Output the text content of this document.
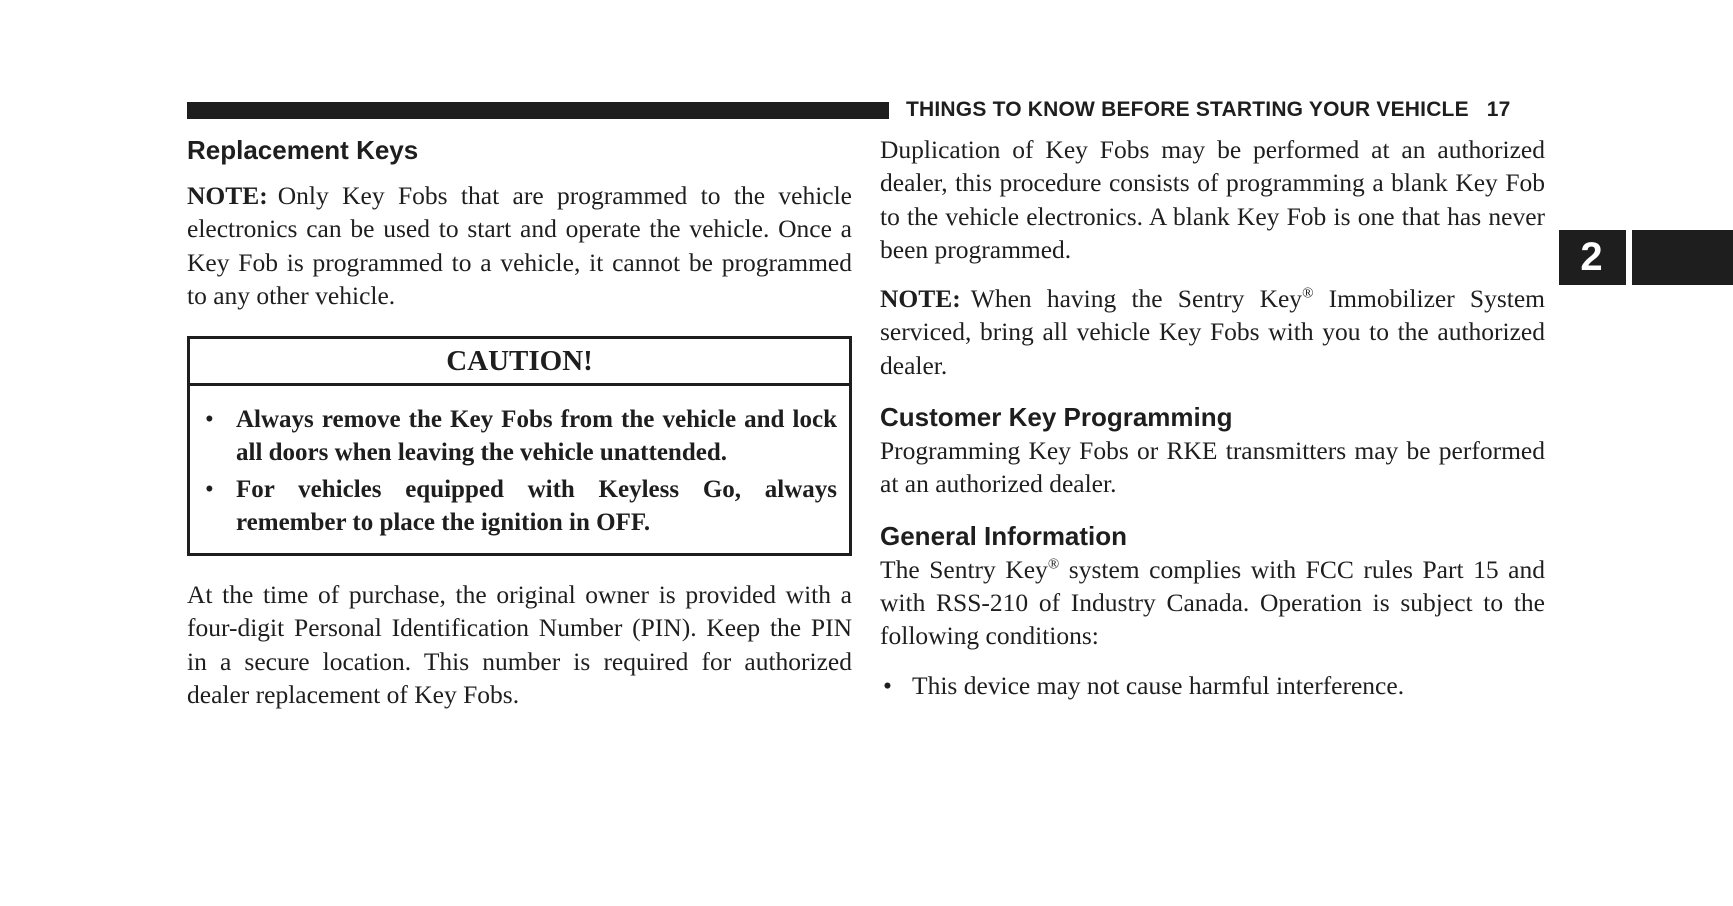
THINGS TO KNOW BEFORE STARTING YOUR VEHICLE 17
2
Replacement Keys

NOTE: Only Key Fobs that are programmed to the vehicle electronics can be used to start and operate the vehicle. Once a Key Fob is programmed to a vehicle, it cannot be programmed to any other vehicle.

CAUTION!
• Always remove the Key Fobs from the vehicle and lock all doors when leaving the vehicle unattended.
• For vehicles equipped with Keyless Go, always remember to place the ignition in OFF.

At the time of purchase, the original owner is provided with a four-digit Personal Identification Number (PIN). Keep the PIN in a secure location. This number is required for authorized dealer replacement of Key Fobs.

Duplication of Key Fobs may be performed at an authorized dealer, this procedure consists of programming a blank Key Fob to the vehicle electronics. A blank Key Fob is one that has never been programmed.

NOTE: When having the Sentry Key® Immobilizer System serviced, bring all vehicle Key Fobs with you to the authorized dealer.

Customer Key Programming

Programming Key Fobs or RKE transmitters may be performed at an authorized dealer.

General Information

The Sentry Key® system complies with FCC rules Part 15 and with RSS-210 of Industry Canada. Operation is subject to the following conditions:

• This device may not cause harmful interference.
